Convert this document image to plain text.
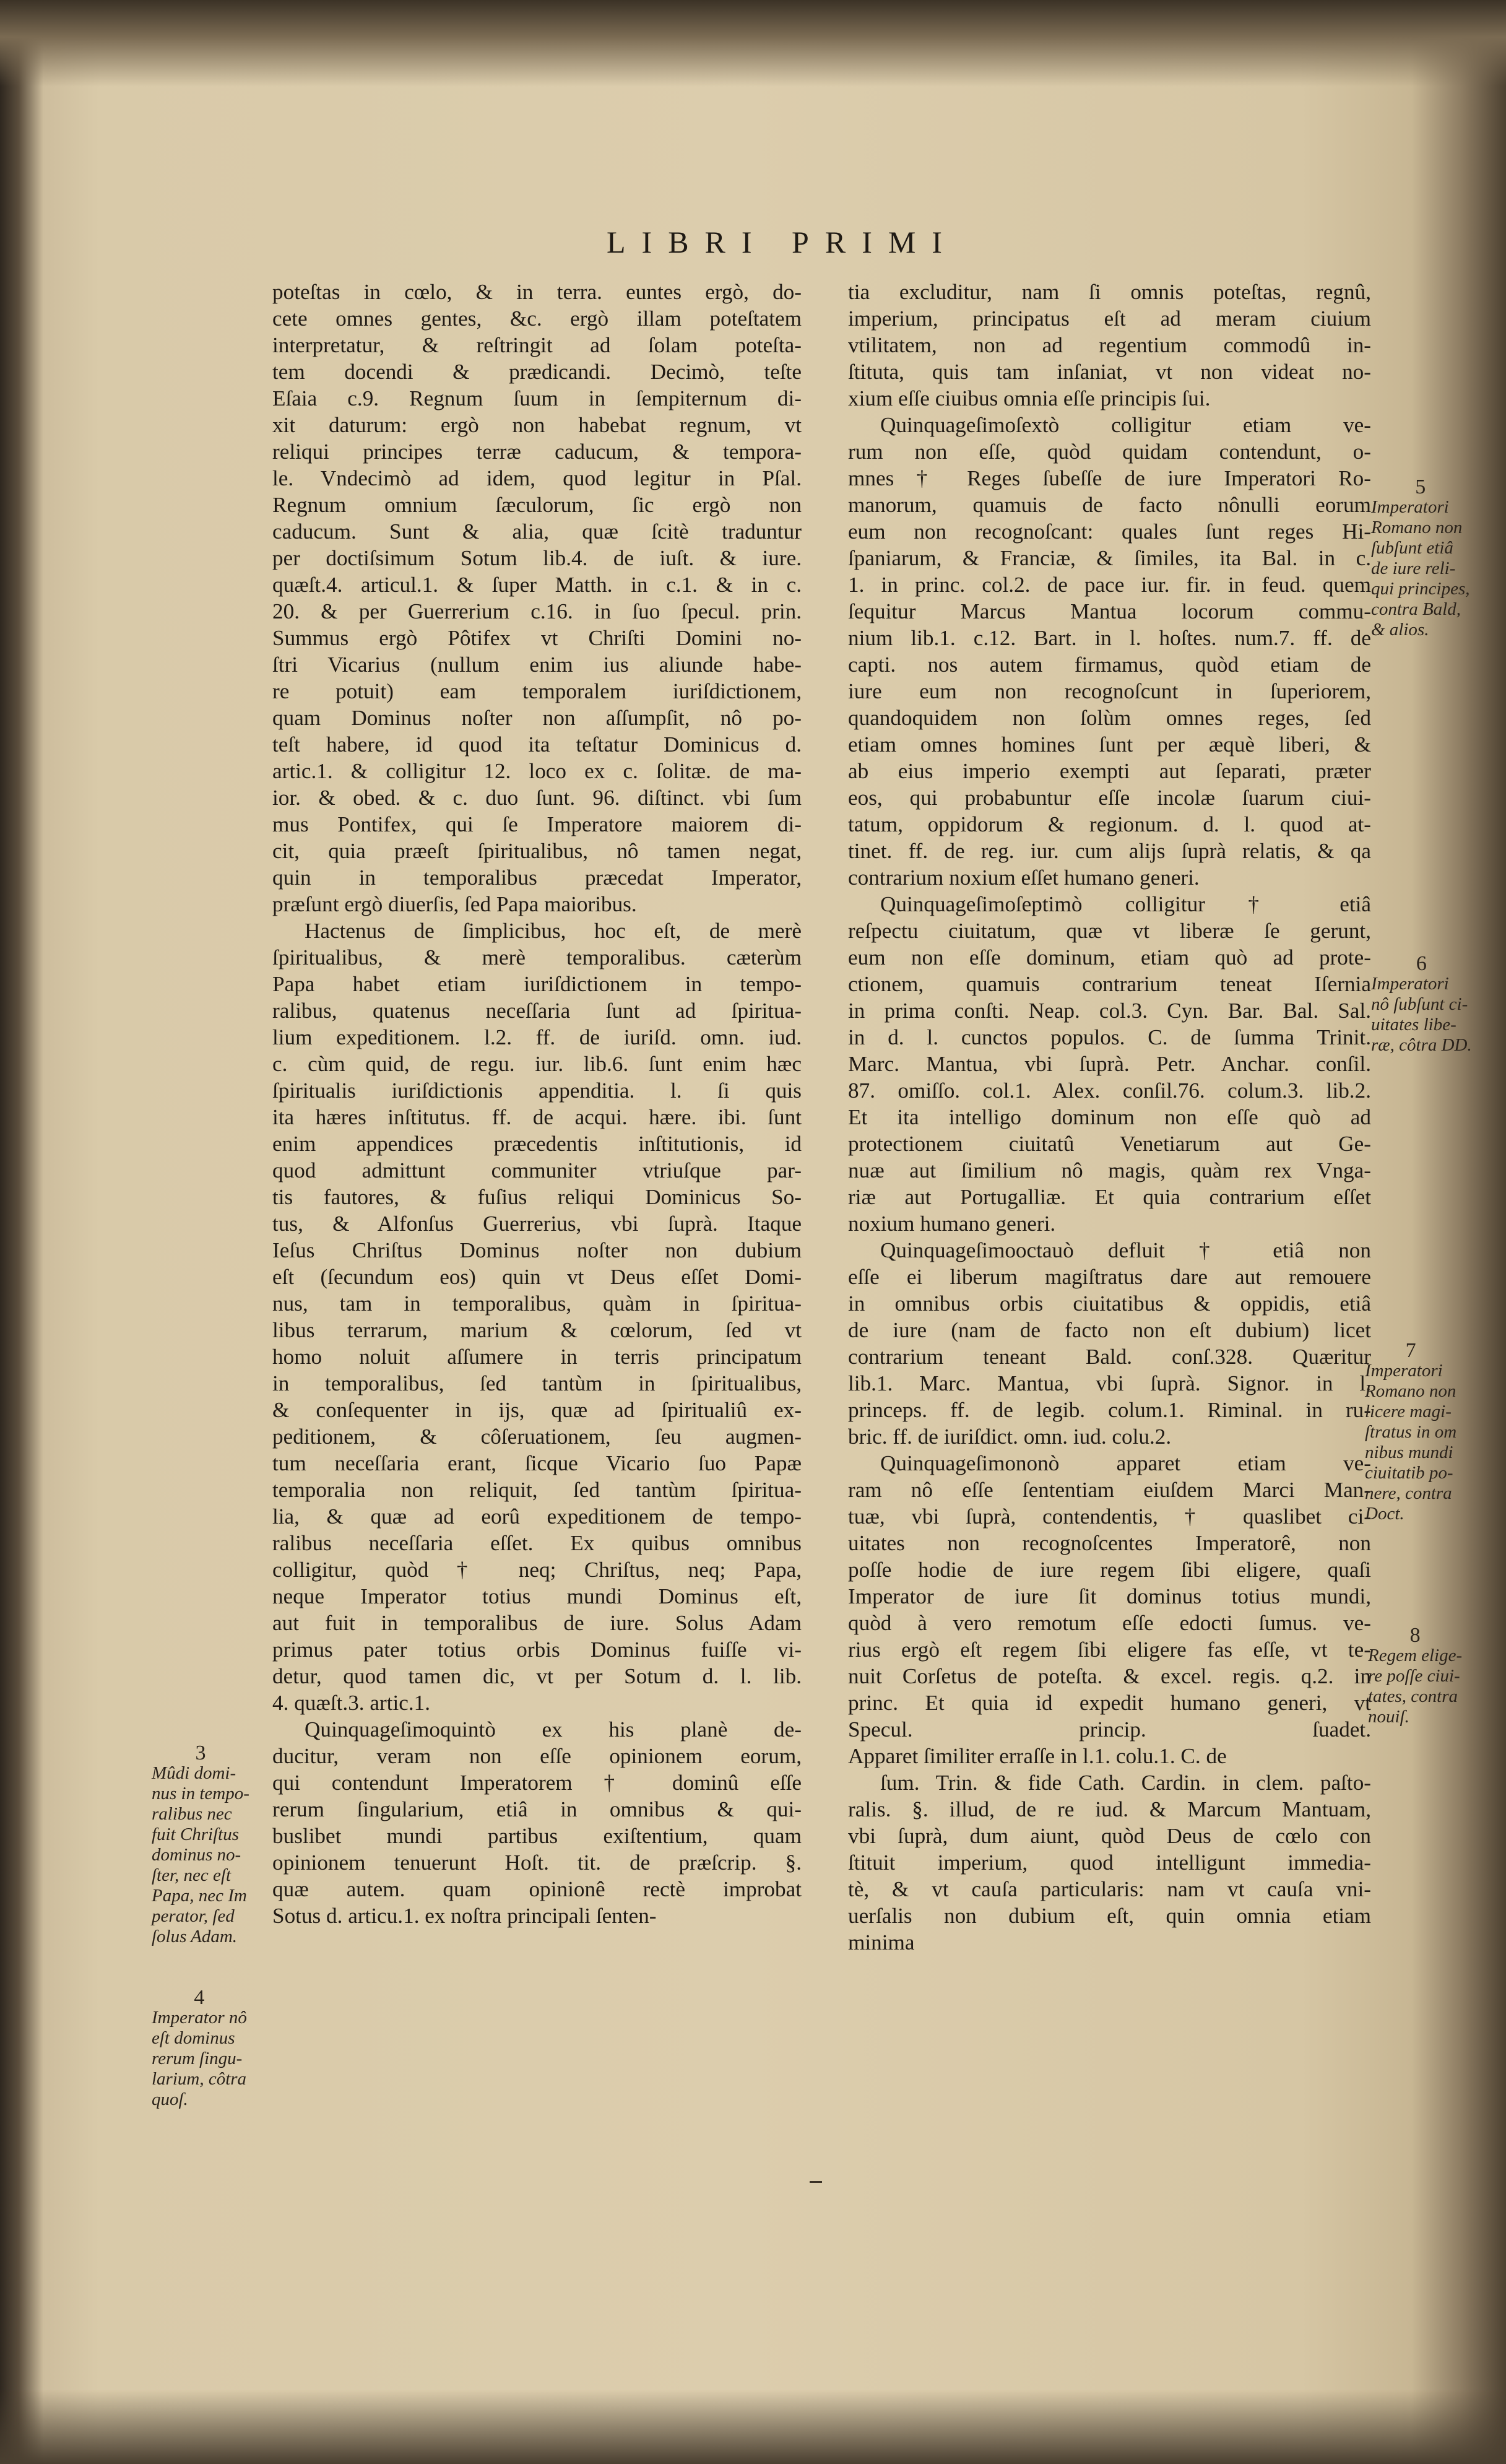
LIBRI PRIMI

poteſtas in cœlo, & in terra. euntes ergò, do-

cete omnes gentes, &c. ergò illam poteſtatem

interpretatur, & reſtringit ad ſolam poteſta-

tem docendi & prædicandi. Decimò, teſte

Eſaia c.9. Regnum ſuum in ſempiternum di-

xit daturum: ergò non habebat regnum, vt

reliqui principes terræ caducum, & tempora-

le. Vndecimò ad idem, quod legitur in Pſal.

Regnum omnium ſæculorum, ſic ergò non

caducum. Sunt & alia, quæ ſcitè traduntur

per doctiſsimum Sotum lib.4. de iuſt. & iure.

quæſt.4. articul.1. & ſuper Matth. in c.1. & in c.

20. & per Guerrerium c.16. in ſuo ſpecul. prin.

Summus ergò Pôtifex vt Chriſti Domini no-

ſtri Vicarius (nullum enim ius aliunde habe-

re potuit) eam temporalem iuriſdictionem,

quam Dominus noſter non aſſumpſit, nô po-

teſt habere, id quod ita teſtatur Dominicus d.

artic.1. & colligitur 12. loco ex c. ſolitæ. de ma-

ior. & obed. & c. duo ſunt. 96. diſtinct. vbi ſum

mus Pontifex, qui ſe Imperatore maiorem di-

cit, quia præeſt ſpiritualibus, nô tamen negat,

quin in temporalibus præcedat Imperator,

præſunt ergò diuerſis, ſed Papa maioribus.

Hactenus de ſimplicibus, hoc eſt, de merè

ſpiritualibus, & merè temporalibus. cæterùm

Papa habet etiam iuriſdictionem in tempo-

ralibus, quatenus neceſſaria ſunt ad ſpiritua-

lium expeditionem. l.2. ff. de iuriſd. omn. iud.

c. cùm quid, de regu. iur. lib.6. ſunt enim hæc

ſpiritualis iuriſdictionis appenditia. l. ſi quis

ita hæres inſtitutus. ff. de acqui. hære. ibi. ſunt

enim appendices præcedentis inſtitutionis, id

quod admittunt communiter vtriuſque par-

tis fautores, & fuſius reliqui Dominicus So-

tus, & Alfonſus Guerrerius, vbi ſuprà. Itaque

Ieſus Chriſtus Dominus noſter non dubium

eſt (ſecundum eos) quin vt Deus eſſet Domi-

nus, tam in temporalibus, quàm in ſpiritua-

libus terrarum, marium & cœlorum, ſed vt

homo noluit aſſumere in terris principatum

in temporalibus, ſed tantùm in ſpiritualibus,

& conſequenter in ijs, quæ ad ſpiritualiû ex-

peditionem, & côſeruationem, ſeu augmen-

tum neceſſaria erant, ſicque Vicario ſuo Papæ

temporalia non reliquit, ſed tantùm ſpiritua-

lia, & quæ ad eorû expeditionem de tempo-

ralibus neceſſaria eſſet. Ex quibus omnibus

colligitur, quòd † neq; Chriſtus, neq; Papa,

neque Imperator totius mundi Dominus eſt,

aut fuit in temporalibus de iure. Solus Adam

primus pater totius orbis Dominus fuiſſe vi-

detur, quod tamen dic, vt per Sotum d. l. lib.

4. quæſt.3. artic.1.

Quinquageſimoquintò ex his planè de-

ducitur, veram non eſſe opinionem eorum,

qui contendunt Imperatorem † dominû eſſe

rerum ſingularium, etiâ in omnibus & qui-

buslibet mundi partibus exiſtentium, quam

opinionem tenuerunt Hoſt. tit. de præſcrip. §.

quæ autem. quam opinionê rectè improbat

Sotus d. articu.1. ex noſtra principali ſenten-

tia excluditur, nam ſi omnis poteſtas, regnû,

imperium, principatus eſt ad meram ciuium

vtilitatem, non ad regentium commodû in-

ſtituta, quis tam inſaniat, vt non videat no-

xium eſſe ciuibus omnia eſſe principis ſui.

Quinquageſimoſextò colligitur etiam ve-

rum non eſſe, quòd quidam contendunt, o-

mnes † Reges ſubeſſe de iure Imperatori Ro-

manorum, quamuis de facto nônulli eorum

eum non recognoſcant: quales ſunt reges Hi-

ſpaniarum, & Franciæ, & ſimiles, ita Bal. in c.

1. in princ. col.2. de pace iur. fir. in feud. quem

ſequitur Marcus Mantua locorum commu-

nium lib.1. c.12. Bart. in l. hoſtes. num.7. ff. de

capti. nos autem firmamus, quòd etiam de

iure eum non recognoſcunt in ſuperiorem,

quandoquidem non ſolùm omnes reges, ſed

etiam omnes homines ſunt per æquè liberi, &

ab eius imperio exempti aut ſeparati, præter

eos, qui probabuntur eſſe incolæ ſuarum ciui-

tatum, oppidorum & regionum. d. l. quod at-

tinet. ff. de reg. iur. cum alijs ſuprà relatis, & qa

contrarium noxium eſſet humano generi.

Quinquageſimoſeptimò colligitur † etiâ

reſpectu ciuitatum, quæ vt liberæ ſe gerunt,

eum non eſſe dominum, etiam quò ad prote-

ctionem, quamuis contrarium teneat Iſernia

in prima conſti. Neap. col.3. Cyn. Bar. Bal. Sal.

in d. l. cunctos populos. C. de ſumma Trinit.

Marc. Mantua, vbi ſuprà. Petr. Anchar. conſil.

87. omiſſo. col.1. Alex. conſil.76. colum.3. lib.2.

Et ita intelligo dominum non eſſe quò ad

protectionem ciuitatû Venetiarum aut Ge-

nuæ aut ſimilium nô magis, quàm rex Vnga-

riæ aut Portugalliæ. Et quia contrarium eſſet

noxium humano generi.

Quinquageſimooctauò defluit † etiâ non

eſſe ei liberum magiſtratus dare aut remouere

in omnibus orbis ciuitatibus & oppidis, etiâ

de iure (nam de facto non eſt dubium) licet

contrarium teneant Bald. conſ.328. Quæritur

lib.1. Marc. Mantua, vbi ſuprà. Signor. in l.

princeps. ff. de legib. colum.1. Riminal. in ru-

bric. ff. de iuriſdict. omn. iud. colu.2.

Quinquageſimononò apparet etiam ve-

ram nô eſſe ſententiam eiuſdem Marci Man-

tuæ, vbi ſuprà, contendentis, † quaslibet ci-

uitates non recognoſcentes Imperatorê, non

poſſe hodie de iure regem ſibi eligere, quaſi

Imperator de iure ſit dominus totius mundi,

quòd à vero remotum eſſe edocti ſumus. ve-

rius ergò eſt regem ſibi eligere fas eſſe, vt te-

nuit Corſetus de poteſta. & excel. regis. q.2. in

princ. Et quia id expedit humano generi, vt

Specul. princip. ſuadet.

Apparet ſimiliter erraſſe in l.1. colu.1. C. de

ſum. Trin. & fide Cath. Cardin. in clem. paſto-

ralis. §. illud, de re iud. & Marcum Mantuam,

vbi ſuprà, dum aiunt, quòd Deus de cœlo con

ſtituit imperium, quod intelligunt immedia-

tè, & vt cauſa particularis: nam vt cauſa vni-

uerſalis non dubium eſt, quin omnia etiam

minima

3
Mûdi domi-
nus in tempo-
ralibus nec
fuit Chriſtus
dominus no-
ſter, nec eſt
Papa, nec Im
perator, ſed
ſolus Adam.
4
Imperator nô
eſt dominus
rerum ſingu-
larium, côtra
quoſ.
5
Imperatori
Romano non
ſubſunt etiâ
de iure reli-
qui principes,
contra Bald,
& alios.
6
Imperatori
nô ſubſunt ci-
uitates libe-
ræ, côtra DD.
7
Imperatori
Romano non
licere magi-
ſtratus in om
nibus mundi
ciuitatib po-
nere, contra
Doct.
8
Regem elige-
re poſſe ciui-
tates, contra
nouiſ.
